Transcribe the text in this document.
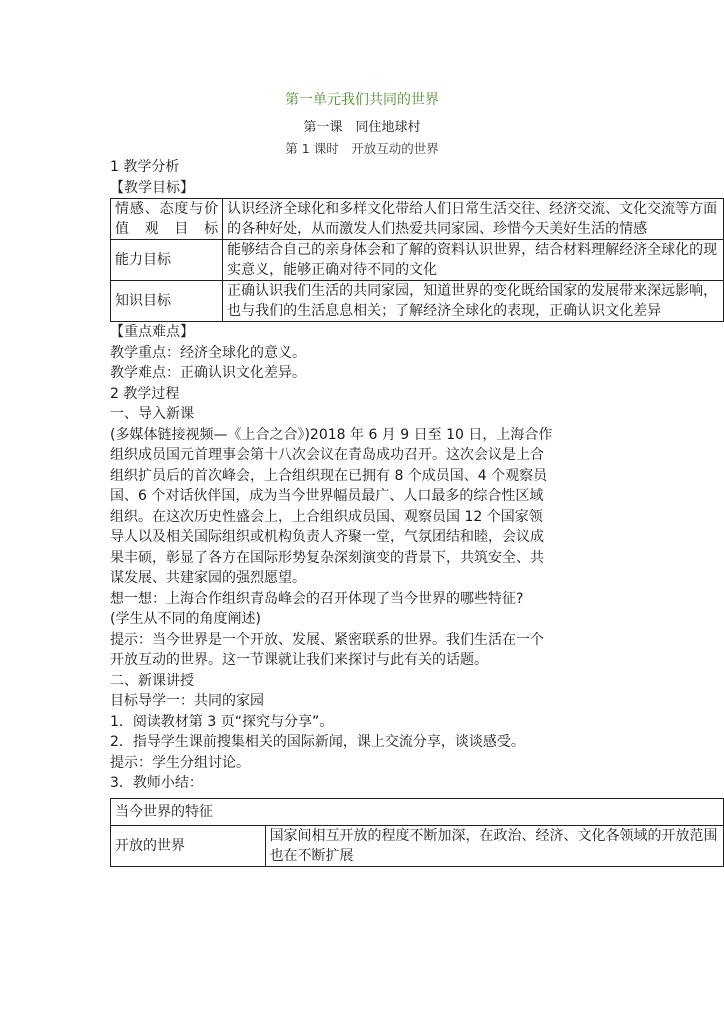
第一单元我们共同的世界
第一课　同住地球村
第 1 课时　开放互动的世界

1 教学分析

【教学目标】

情感、态度与价值观目标	认识经济全球化和多样文化带给人们日常生活交往、经济交流、文化交流等方面的各种好处，从而激发人们热爱共同家园、珍惜今天美好生活的情感
能力目标	能够结合自己的亲身体会和了解的资料认识世界，结合材料理解经济全球化的现实意义，能够正确对待不同的文化
知识目标	正确认识我们生活的共同家园，知道世界的变化既给国家的发展带来深远影响，也与我们的生活息息相关；了解经济全球化的表现，正确认识文化差异

【重点难点】

教学重点：经济全球化的意义。

教学难点：正确认识文化差异。

2 教学过程

一、导入新课

(多媒体链接视频—《上合之合》)2018 年 6 月 9 日至 10 日，上海合作

组织成员国元首理事会第十八次会议在青岛成功召开。这次会议是上合

组织扩员后的首次峰会，上合组织现在已拥有 8 个成员国、4 个观察员

国、6 个对话伙伴国，成为当今世界幅员最广、人口最多的综合性区域

组织。在这次历史性盛会上，上合组织成员国、观察员国 12 个国家领

导人以及相关国际组织或机构负责人齐聚一堂，气氛团结和睦，会议成

果丰硕，彰显了各方在国际形势复杂深刻演变的背景下，共筑安全、共

谋发展、共建家园的强烈愿望。

想一想：上海合作组织青岛峰会的召开体现了当今世界的哪些特征?

(学生从不同的角度阐述)

提示：当今世界是一个开放、发展、紧密联系的世界。我们生活在一个

开放互动的世界。这一节课就让我们来探讨与此有关的话题。

二、新课讲授

目标导学一：共同的家园

1．阅读教材第 3 页“探究与分享”。

2．指导学生课前搜集相关的国际新闻，课上交流分享，谈谈感受。

提示：学生分组讨论。

3．教师小结：

当今世界的特征
开放的世界	国家间相互开放的程度不断加深，在政治、经济、文化各领域的开放范围也在不断扩展
